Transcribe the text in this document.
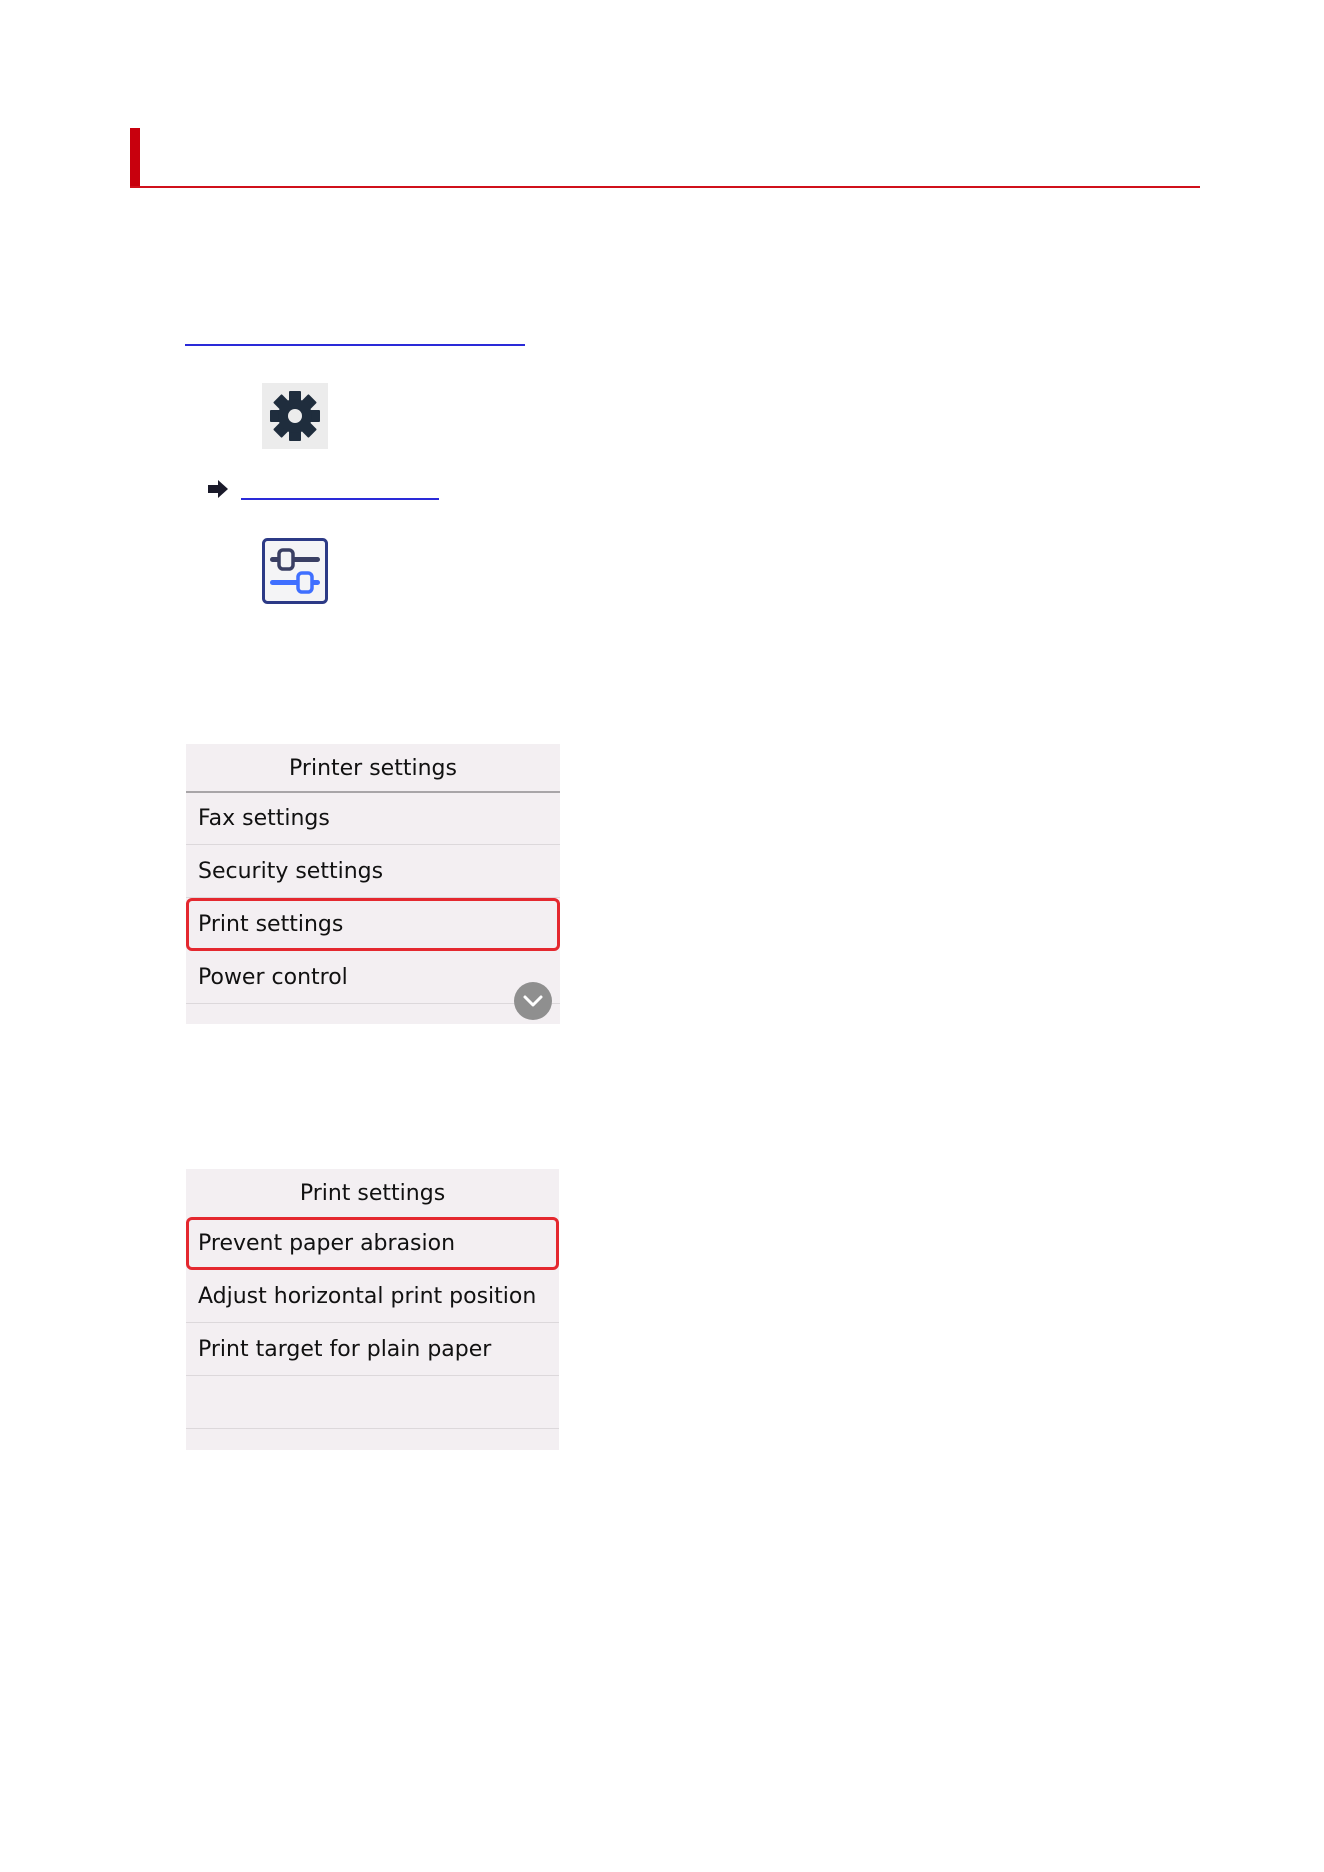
Printer settings
Fax settings
Security settings
Print settings
Power control
Print settings
Prevent paper abrasion
Adjust horizontal print position
Print target for plain paper
